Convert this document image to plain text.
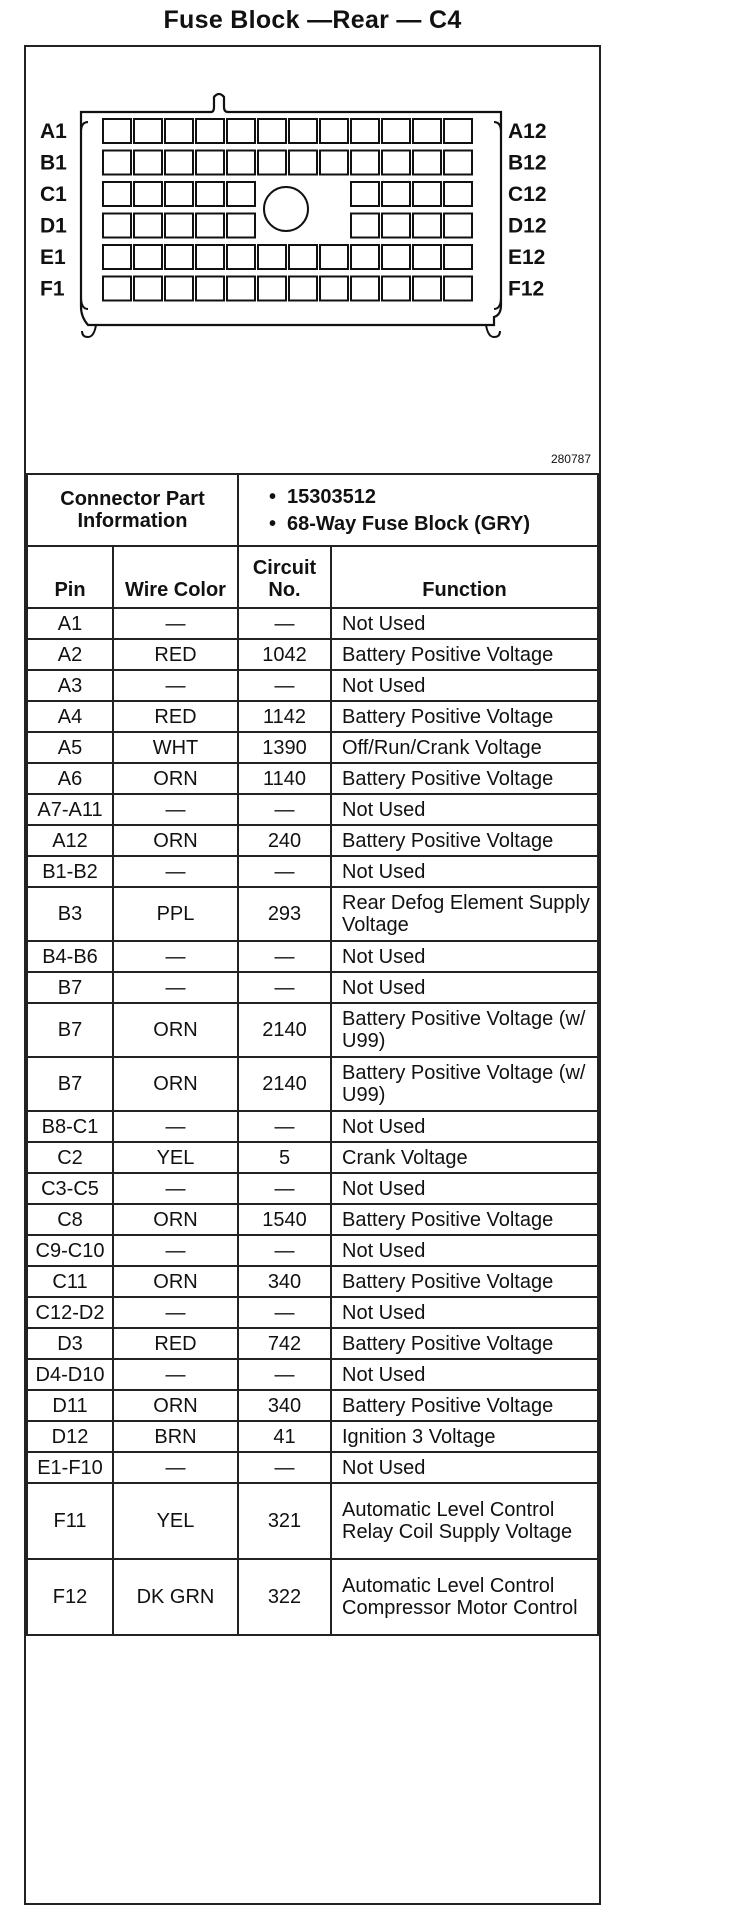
Fuse Block —Rear — C4
A1	A12
B1	B12
C1	C12
D1	D12
E1	E12
F1	F12
280787
Connector Part Information		• 15303512
• 68-Way Fuse Block (GRY)

Pin	Wire Color	Circuit No.	Function
A1	—	—	Not Used
A2	RED	1042	Battery Positive Voltage
A3	—	—	Not Used
A4	RED	1142	Battery Positive Voltage
A5	WHT	1390	Off/Run/Crank Voltage
A6	ORN	1140	Battery Positive Voltage
A7-A11	—	—	Not Used
A12	ORN	240	Battery Positive Voltage
B1-B2	—	—	Not Used
B3	PPL	293	Rear Defog Element Supply Voltage
B4-B6	—	—	Not Used
B7	—	—	Not Used
B7	ORN	2140	Battery Positive Voltage (w/ U99)
B7	ORN	2140	Battery Positive Voltage (w/ U99)
B8-C1	—	—	Not Used
C2	YEL	5	Crank Voltage
C3-C5	—	—	Not Used
C8	ORN	1540	Battery Positive Voltage
C9-C10	—	—	Not Used
C11	ORN	340	Battery Positive Voltage
C12-D2	—	—	Not Used
D3	RED	742	Battery Positive Voltage
D4-D10	—	—	Not Used
D11	ORN	340	Battery Positive Voltage
D12	BRN	41	Ignition 3 Voltage
E1-F10	—	—	Not Used
F11	YEL	321	Automatic Level Control Relay Coil Supply Voltage
F12	DK GRN	322	Automatic Level Control Compressor Motor Control
